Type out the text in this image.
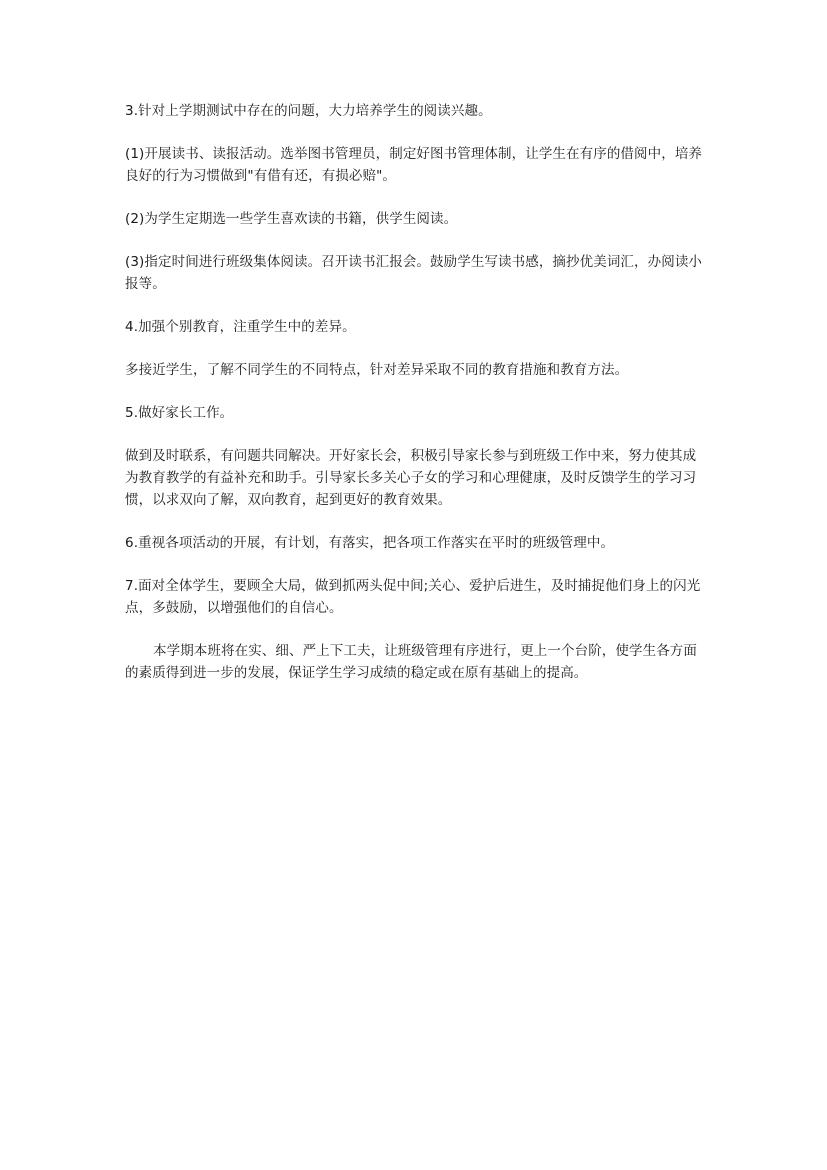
3.针对上学期测试中存在的问题，大力培养学生的阅读兴趣。

(1)开展读书、读报活动。选举图书管理员，制定好图书管理体制，让学生在有序的借阅中，培养良好的行为习惯做到"有借有还，有损必赔"。

(2)为学生定期选一些学生喜欢读的书籍，供学生阅读。

(3)指定时间进行班级集体阅读。召开读书汇报会。鼓励学生写读书感，摘抄优美词汇，办阅读小报等。

4.加强个别教育，注重学生中的差异。

多接近学生，了解不同学生的不同特点，针对差异采取不同的教育措施和教育方法。

5.做好家长工作。

做到及时联系，有问题共同解决。开好家长会，积极引导家长参与到班级工作中来，努力使其成为教育教学的有益补充和助手。引导家长多关心子女的学习和心理健康，及时反馈学生的学习习惯，以求双向了解，双向教育，起到更好的教育效果。

6.重视各项活动的开展，有计划，有落实，把各项工作落实在平时的班级管理中。

7.面对全体学生，要顾全大局，做到抓两头促中间;关心、爱护后进生，及时捕捉他们身上的闪光点，多鼓励，以增强他们的自信心。

本学期本班将在实、细、严上下工夫，让班级管理有序进行，更上一个台阶，使学生各方面的素质得到进一步的发展，保证学生学习成绩的稳定或在原有基础上的提高。
